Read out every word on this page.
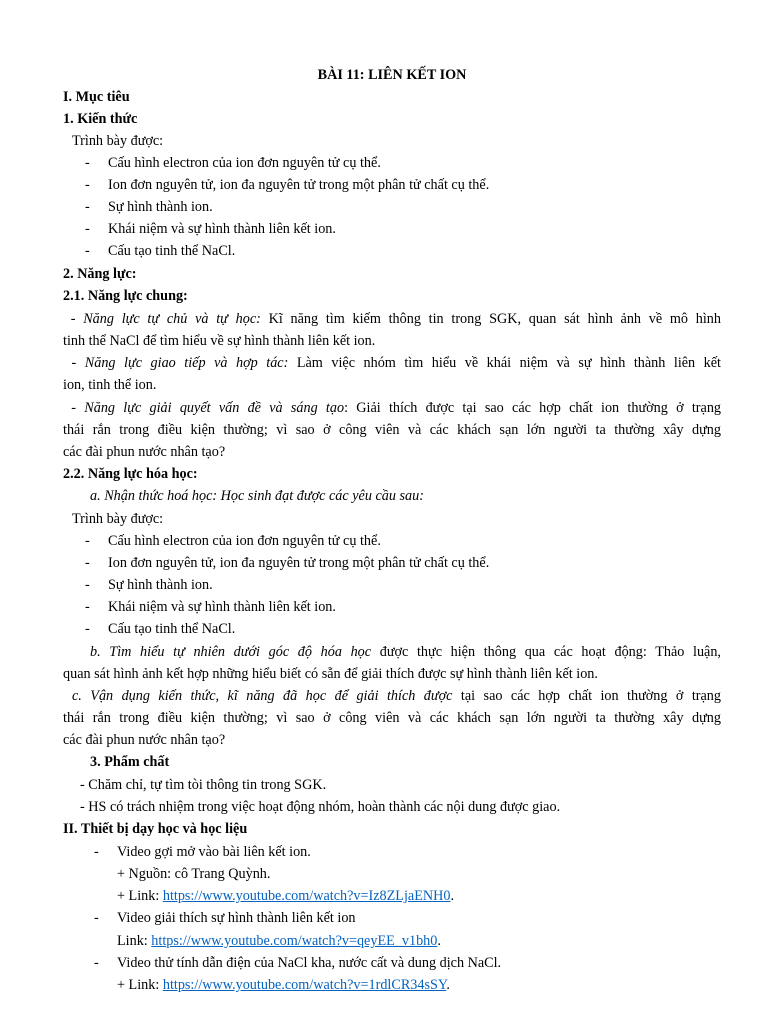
BÀI 11: LIÊN KẾT ION
I. Mục tiêu
1. Kiến thức
Trình bày được:
- Cấu hình electron của ion đơn nguyên tử cụ thể.
- Ion đơn nguyên tử, ion đa nguyên tử trong một phân tử chất cụ thể.
- Sự hình thành ion.
- Khái niệm và sự hình thành liên kết ion.
- Cấu tạo tinh thể NaCl.
2. Năng lực:
2.1. Năng lực chung:
- Năng lực tự chủ và tự học: Kĩ năng tìm kiếm thông tin trong SGK, quan sát hình ảnh về mô hình
tinh thể NaCl để tìm hiểu về sự hình thành liên kết ion.
- Năng lực giao tiếp và hợp tác: Làm việc nhóm tìm hiểu về khái niệm và sự hình thành liên kết
ion, tinh thể ion.
- Năng lực giải quyết vấn đề và sáng tạo: Giải thích được tại sao các hợp chất ion thường ở trạng
thái rắn trong điều kiện thường; vì sao ở công viên và các khách sạn lớn người ta thường xây dựng
các đài phun nước nhân tạo?
2.2. Năng lực hóa học:
a. Nhận thức hoá học: Học sinh đạt được các yêu cầu sau:
Trình bày được:
- Cấu hình electron của ion đơn nguyên tử cụ thể.
- Ion đơn nguyên tử, ion đa nguyên tử trong một phân tử chất cụ thể.
- Sự hình thành ion.
- Khái niệm và sự hình thành liên kết ion.
- Cấu tạo tinh thể NaCl.
b. Tìm hiểu tự nhiên dưới góc độ hóa học được thực hiện thông qua các hoạt động: Thảo luận,
quan sát hình ảnh kết hợp những hiểu biết có sẵn để giải thích được sự hình thành liên kết ion.
c. Vận dụng kiến thức, kĩ năng đã học để giải thích được tại sao các hợp chất ion thường ở trạng
thái rắn trong điều kiện thường; vì sao ở công viên và các khách sạn lớn người ta thường xây dựng
các đài phun nước nhân tạo?
3. Phẩm chất
- Chăm chỉ, tự tìm tòi thông tin trong SGK.
- HS có trách nhiệm trong việc hoạt động nhóm, hoàn thành các nội dung được giao.
II. Thiết bị dạy học và học liệu
- Video gợi mở vào bài liên kết ion.
+ Nguồn: cô Trang Quỳnh.
+ Link: https://www.youtube.com/watch?v=Iz8ZLjaENH0.
- Video giải thích sự hình thành liên kết ion
Link: https://www.youtube.com/watch?v=qeyEE_v1bh0.
- Video thử tính dẫn điện của NaCl kha, nước cất và dung dịch NaCl.
+ Link: https://www.youtube.com/watch?v=1rdlCR34sSY.
